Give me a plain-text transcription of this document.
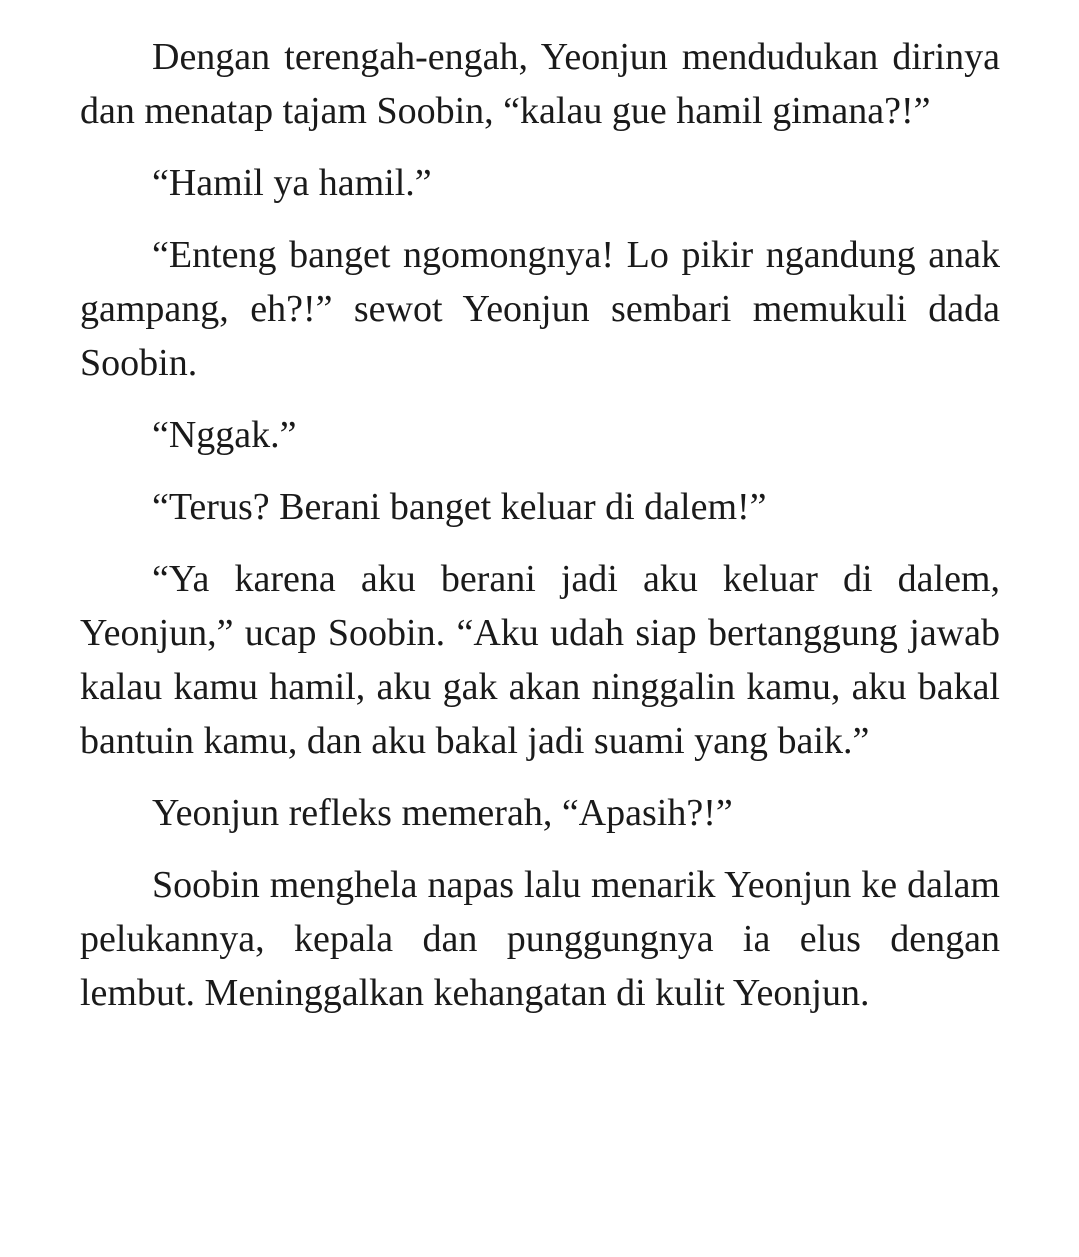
Dengan terengah-engah, Yeonjun mendudukan dirinya dan menatap tajam Soobin, “kalau gue hamil gimana?!”

“Hamil ya hamil.”

“Enteng banget ngomongnya! Lo pikir ngandung anak gampang, eh?!” sewot Yeonjun sembari memukuli dada Soobin.

“Nggak.”

“Terus? Berani banget keluar di dalem!”

“Ya karena aku berani jadi aku keluar di dalem, Yeonjun,” ucap Soobin. “Aku udah siap bertanggung jawab kalau kamu hamil, aku gak akan ninggalin kamu, aku bakal bantuin kamu, dan aku bakal jadi suami yang baik.”

Yeonjun refleks memerah, “Apasih?!”

Soobin menghela napas lalu menarik Yeonjun ke dalam pelukannya, kepala dan punggungnya ia elus dengan lembut. Meninggalkan kehangatan di kulit Yeonjun.
